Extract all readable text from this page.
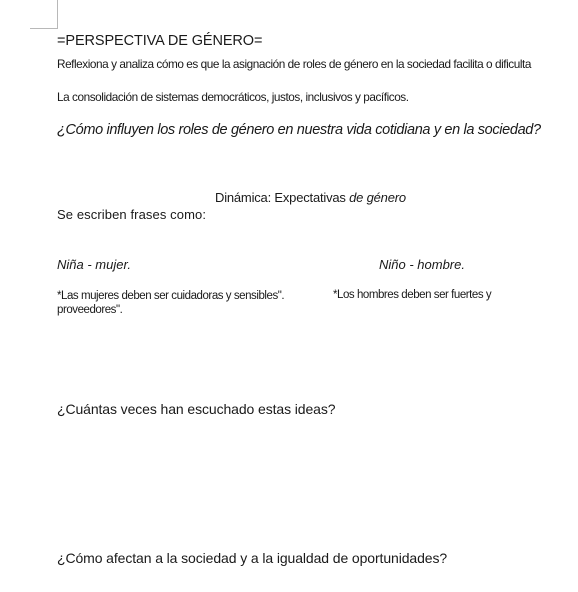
=PERSPECTIVA DE GÉNERO=
Reflexiona y analiza cómo es que la asignación de roles de género en la sociedad facilita o dificulta
La consolidación de sistemas democráticos, justos, inclusivos y pacíficos.
¿Cómo influyen los roles de género en nuestra vida cotidiana y en la sociedad?
Dinámica: Expectativas de género
Se escriben frases como:
Niña - mujer.	Niño - hombre.
*Las mujeres deben ser cuidadoras y sensibles". proveedores".
*Los hombres deben ser fuertes y
¿Cuántas veces han escuchado estas ideas?
¿Cómo afectan a la sociedad y a la igualdad de oportunidades?
